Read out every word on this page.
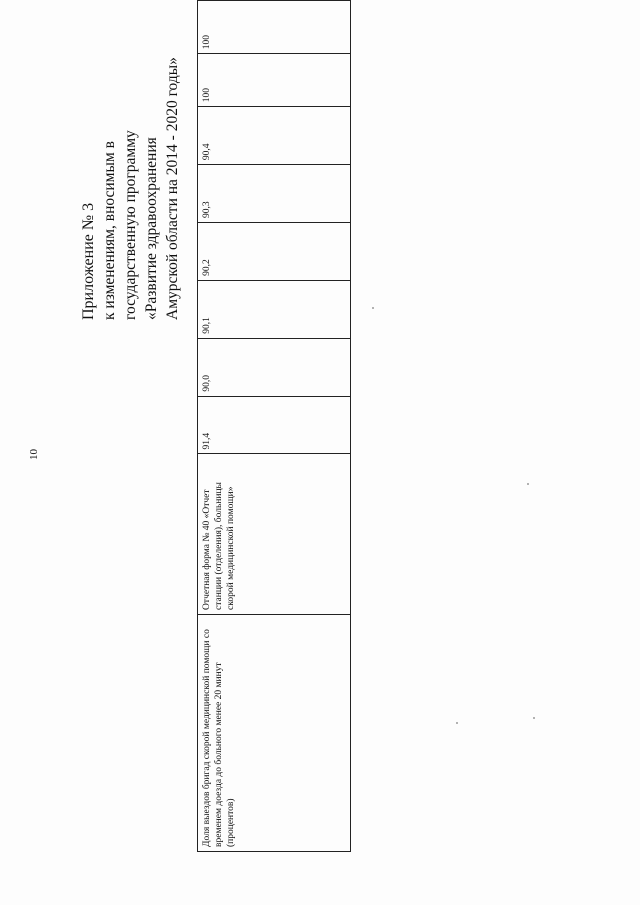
10
Приложение № 3 к изменениям, вносимым в государственную программу «Развитие здравоохранения Амурской области на 2014 - 2020 годы»
Доля выездов бригад скорой медицинской помощи со временем доезда до больного менее 20 минут (процентов)	Отчетная форма № 40 «Отчет станции (отделения), больницы скорой медицинской помощи»	91,4	90,0	90,1	90,2	90,3	90,4	100	100
